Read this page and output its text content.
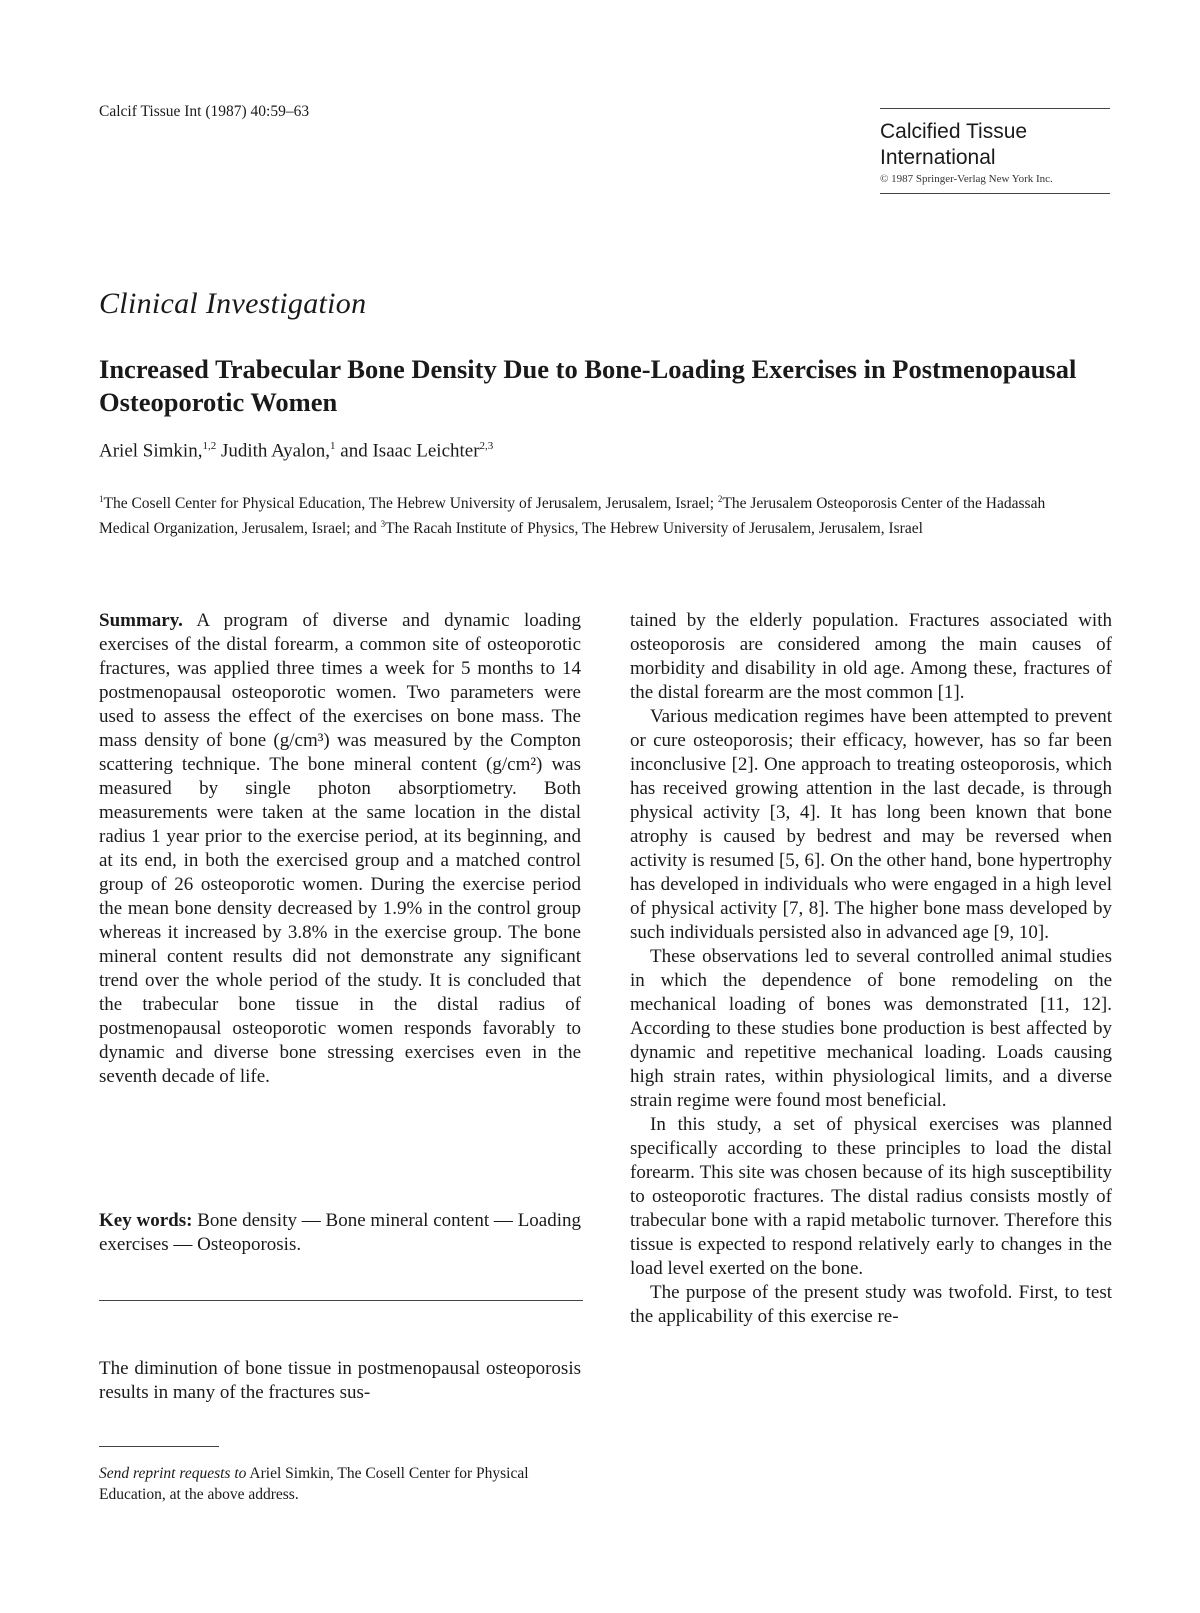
Calcif Tissue Int (1987) 40:59–63
Calcified Tissue
International
© 1987 Springer-Verlag New York Inc.
Clinical Investigation
Increased Trabecular Bone Density Due to Bone-Loading Exercises in Postmenopausal Osteoporotic Women
Ariel Simkin,$^{1,2}$ Judith Ayalon,$^1$ and Isaac Leichter$^{2,3}$
$^1$The Cosell Center for Physical Education, The Hebrew University of Jerusalem, Jerusalem, Israel; $^2$The Jerusalem Osteoporosis Center of the Hadassah Medical Organization, Jerusalem, Israel; and $^3$The Racah Institute of Physics, The Hebrew University of Jerusalem, Jerusalem, Israel

Summary. A program of diverse and dynamic loading exercises of the distal forearm, a common site of osteoporotic fractures, was applied three times a week for 5 months to 14 postmenopausal osteoporotic women. Two parameters were used to assess the effect of the exercises on bone mass. The mass density of bone (g/cm³) was measured by the Compton scattering technique. The bone mineral content (g/cm²) was measured by single photon absorptiometry. Both measurements were taken at the same location in the distal radius 1 year prior to the exercise period, at its beginning, and at its end, in both the exercised group and a matched control group of 26 osteoporotic women. During the exercise period the mean bone density decreased by 1.9% in the control group whereas it increased by 3.8% in the exercise group. The bone mineral content results did not demonstrate any significant trend over the whole period of the study. It is concluded that the trabecular bone tissue in the distal radius of postmenopausal osteoporotic women responds favorably to dynamic and diverse bone stressing exercises even in the seventh decade of life.

Key words: Bone density — Bone mineral content — Loading exercises — Osteoporosis.

The diminution of bone tissue in postmenopausal osteoporosis results in many of the fractures sus-

Send reprint requests to Ariel Simkin, The Cosell Center for Physical Education, at the above address.

tained by the elderly population. Fractures associated with osteoporosis are considered among the main causes of morbidity and disability in old age. Among these, fractures of the distal forearm are the most common [1].

Various medication regimes have been attempted to prevent or cure osteoporosis; their efficacy, however, has so far been inconclusive [2]. One approach to treating osteoporosis, which has received growing attention in the last decade, is through physical activity [3, 4]. It has long been known that bone atrophy is caused by bedrest and may be reversed when activity is resumed [5, 6]. On the other hand, bone hypertrophy has developed in individuals who were engaged in a high level of physical activity [7, 8]. The higher bone mass developed by such individuals persisted also in advanced age [9, 10].

These observations led to several controlled animal studies in which the dependence of bone remodeling on the mechanical loading of bones was demonstrated [11, 12]. According to these studies bone production is best affected by dynamic and repetitive mechanical loading. Loads causing high strain rates, within physiological limits, and a diverse strain regime were found most beneficial.

In this study, a set of physical exercises was planned specifically according to these principles to load the distal forearm. This site was chosen because of its high susceptibility to osteoporotic fractures. The distal radius consists mostly of trabecular bone with a rapid metabolic turnover. Therefore this tissue is expected to respond relatively early to changes in the load level exerted on the bone.

The purpose of the present study was twofold. First, to test the applicability of this exercise re-
